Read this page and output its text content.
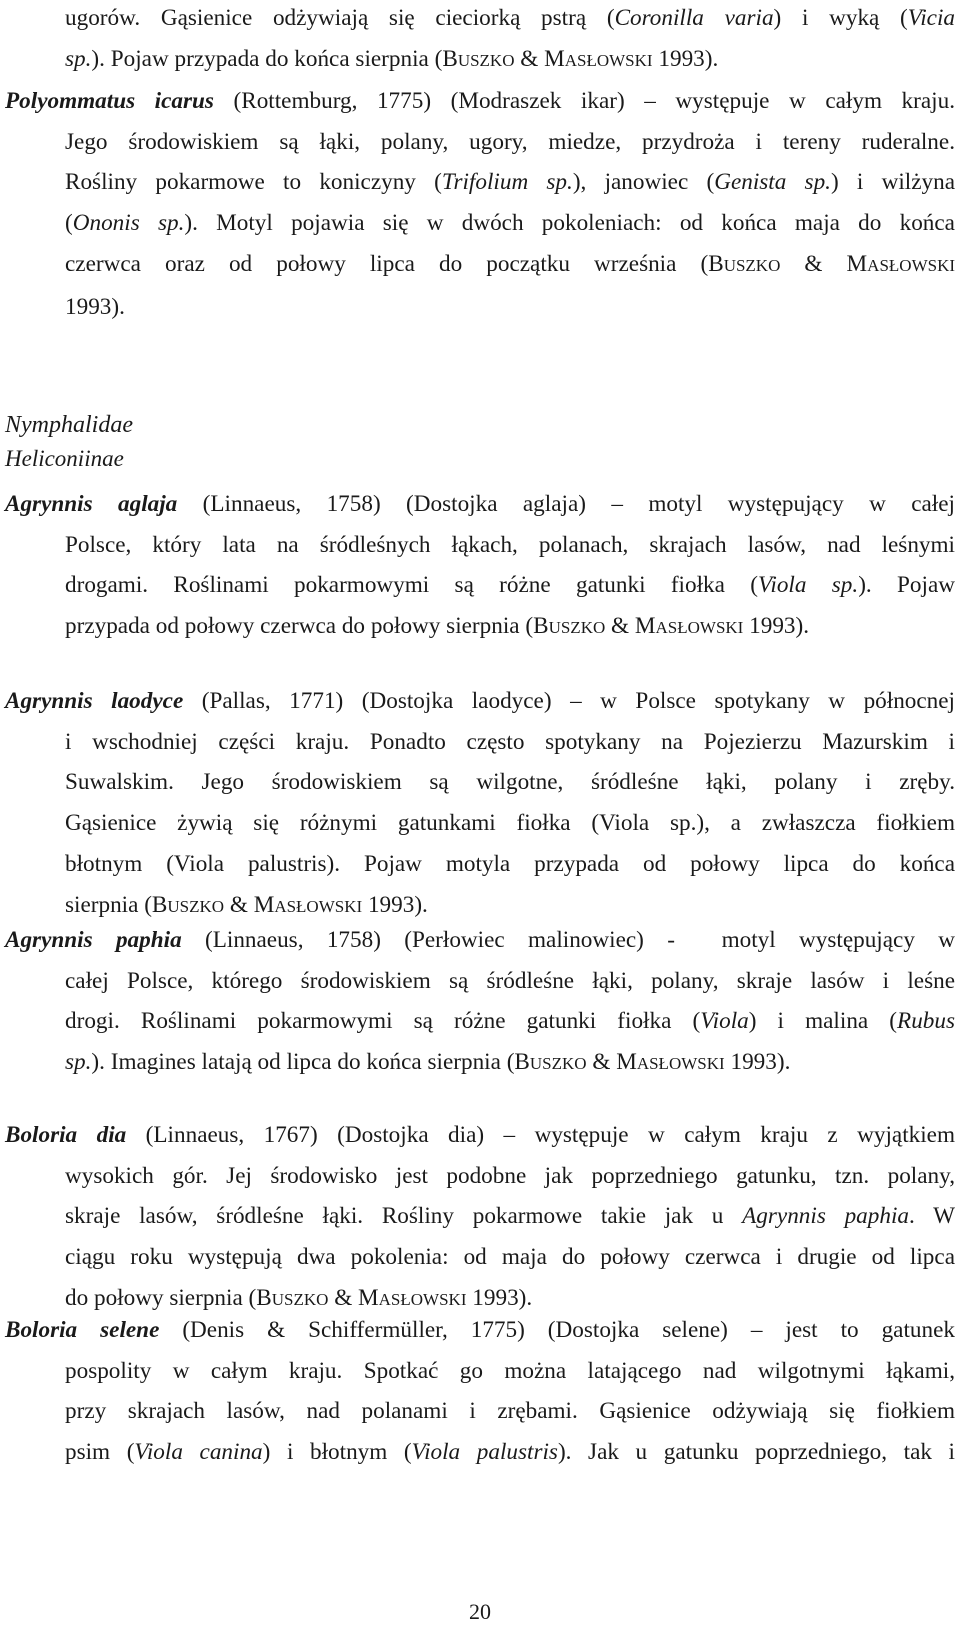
ugorów. Gąsienice odżywiają się cieciorką pstrą (Coronilla varia) i wyką (Vicia
sp.). Pojaw przypada do końca sierpnia (BUSZKO & MASŁOWSKI 1993).
Polyommatus icarus (Rottemburg, 1775) (Modraszek ikar) – występuje w całym kraju.
Jego środowiskiem są łąki, polany, ugory, miedze, przydroża i tereny ruderalne.
Rośliny pokarmowe to koniczyny (Trifolium sp.), janowiec (Genista sp.) i wilżyna
(Ononis sp.). Motyl pojawia się w dwóch pokoleniach: od końca maja do końca
czerwca oraz od połowy lipca do początku września (BUSZKO & MASŁOWSKI
1993).
Nymphalidae
Heliconiinae
Agrynnis aglaja (Linnaeus, 1758) (Dostojka aglaja) – motyl występujący w całej
Polsce, który lata na śródleśnych łąkach, polanach, skrajach lasów, nad leśnymi
drogami. Roślinami pokarmowymi są różne gatunki fiołka (Viola sp.). Pojaw
przypada od połowy czerwca do połowy sierpnia (BUSZKO & MASŁOWSKI 1993).
Agrynnis laodyce (Pallas, 1771) (Dostojka laodyce) – w Polsce spotykany w północnej
i wschodniej części kraju. Ponadto często spotykany na Pojezierzu Mazurskim i
Suwalskim. Jego środowiskiem są wilgotne, śródleśne łąki, polany i zręby.
Gąsienice żywią się różnymi gatunkami fiołka (Viola sp.), a zwłaszcza fiołkiem
błotnym (Viola palustris). Pojaw motyla przypada od połowy lipca do końca
sierpnia (BUSZKO & MASŁOWSKI 1993).
Agrynnis paphia (Linnaeus, 1758) (Perłowiec malinowiec) -  motyl występujący w
całej Polsce, którego środowiskiem są śródleśne łąki, polany, skraje lasów i leśne
drogi. Roślinami pokarmowymi są różne gatunki fiołka (Viola) i malina (Rubus
sp.). Imagines latają od lipca do końca sierpnia (BUSZKO & MASŁOWSKI 1993).
Boloria dia (Linnaeus, 1767) (Dostojka dia) – występuje w całym kraju z wyjątkiem
wysokich gór. Jej środowisko jest podobne jak poprzedniego gatunku, tzn. polany,
skraje lasów, śródleśne łąki. Rośliny pokarmowe takie jak u Agrynnis paphia. W
ciągu roku występują dwa pokolenia: od maja do połowy czerwca i drugie od lipca
do połowy sierpnia (BUSZKO & MASŁOWSKI 1993).
Boloria selene (Denis & Schiffermüller, 1775) (Dostojka selene) – jest to gatunek
pospolity w całym kraju. Spotkać go można latającego nad wilgotnymi łąkami,
przy skrajach lasów, nad polanami i zrębami. Gąsienice odżywiają się fiołkiem
psim (Viola canina) i błotnym (Viola palustris). Jak u gatunku poprzedniego, tak i
20
